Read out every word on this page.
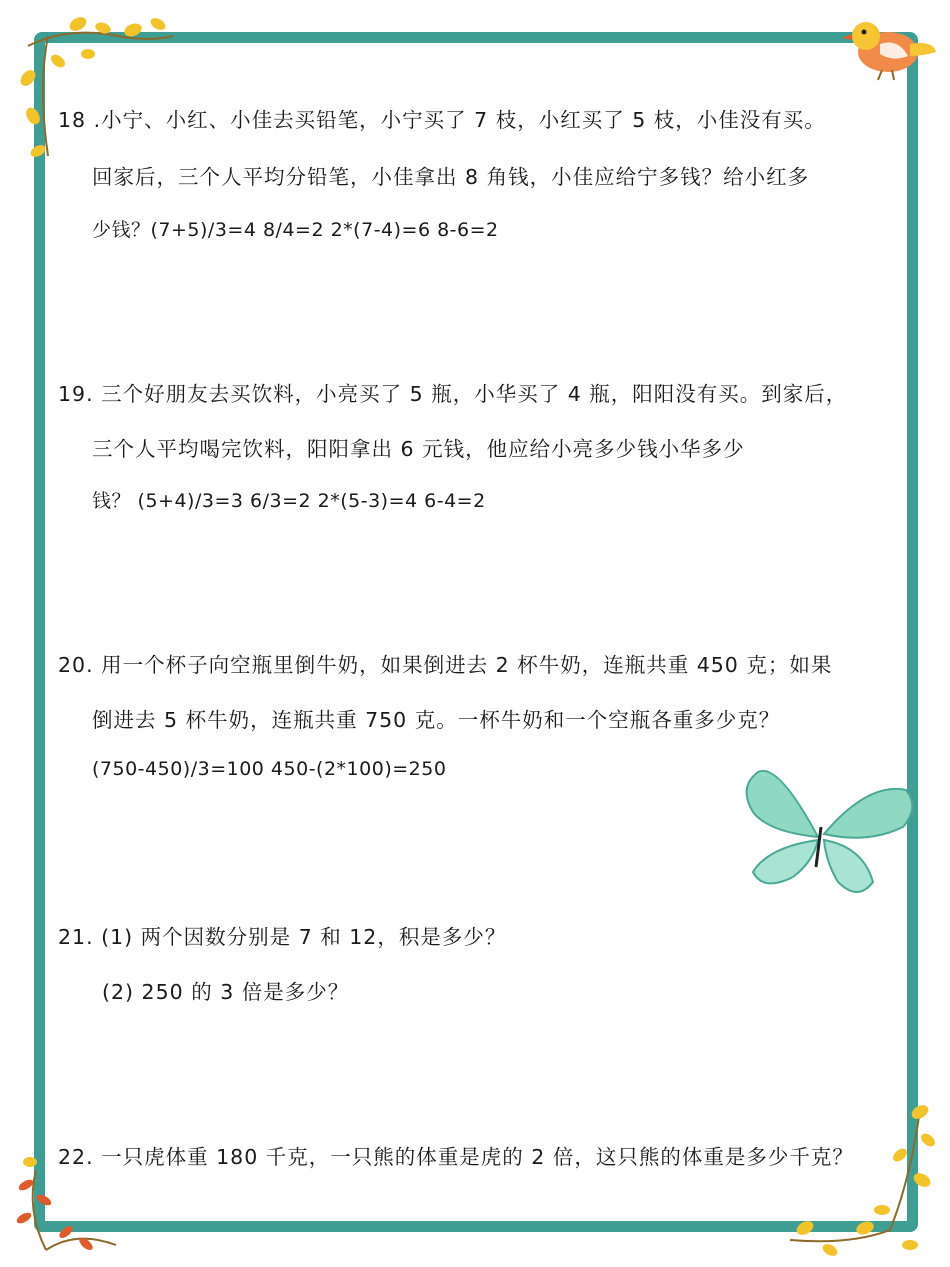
18 .小宁、小红、小佳去买铅笔，小宁买了 7 枝，小红买了 5 枝，小佳没有买。
回家后，三个人平均分铅笔，小佳拿出 8 角钱，小佳应给宁多钱？给小红多
少钱？(7+5)/3=4 8/4=2 2*(7-4)=6 8-6=2
19. 三个好朋友去买饮料，小亮买了 5 瓶，小华买了 4 瓶，阳阳没有买。到家后，
三个人平均喝完饮料，阳阳拿出 6 元钱，他应给小亮多少钱小华多少
钱？ (5+4)/3=3 6/3=2 2*(5-3)=4 6-4=2
20. 用一个杯子向空瓶里倒牛奶，如果倒进去 2 杯牛奶，连瓶共重 450 克；如果
倒进去 5 杯牛奶，连瓶共重 750 克。一杯牛奶和一个空瓶各重多少克？
(750-450)/3=100 450-(2*100)=250
21. (1) 两个因数分别是 7 和 12，积是多少？
(2) 250 的 3 倍是多少？
22. 一只虎体重 180 千克，一只熊的体重是虎的 2 倍，这只熊的体重是多少千克？
